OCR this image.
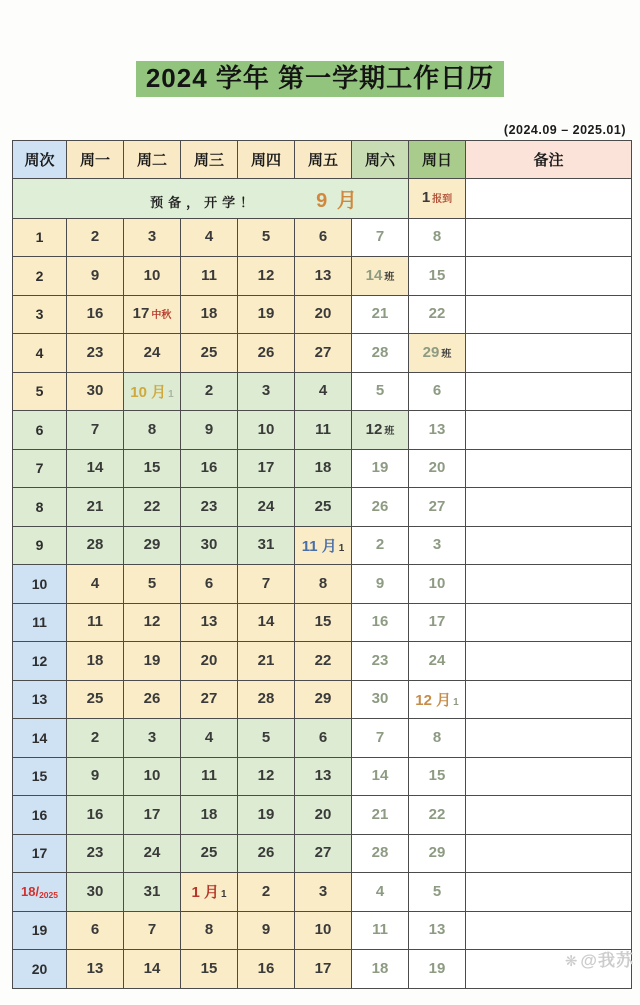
2024 学年 第一学期工作日历
(2024.09 – 2025.01)
周次	周一	周二	周三	周四	周五	周六	周日	备注
预备，开学！ 9 月							1 报到	
1	2	3	4	5	6	7	8	
2	9	10	11	12	13	14 班	15	
3	16	17 中秋	18	19	20	21	22	
4	23	24	25	26	27	28	29 班	
5	30	10 月 1	2	3	4	5	6	
6	7	8	9	10	11	12 班	13	
7	14	15	16	17	18	19	20	
8	21	22	23	24	25	26	27	
9	28	29	30	31	11 月 1	2	3	
10	4	5	6	7	8	9	10	
11	11	12	13	14	15	16	17	
12	18	19	20	21	22	23	24	
13	25	26	27	28	29	30	12 月 1	
14	2	3	4	5	6	7	8	
15	9	10	11	12	13	14	15	
16	16	17	18	19	20	21	22	
17	23	24	25	26	27	28	29	
18/2025	30	31	1 月 1	2	3	4	5	
19	6	7	8	9	10	11	13	
20	13	14	15	16	17	18	19		❋ @我苏
